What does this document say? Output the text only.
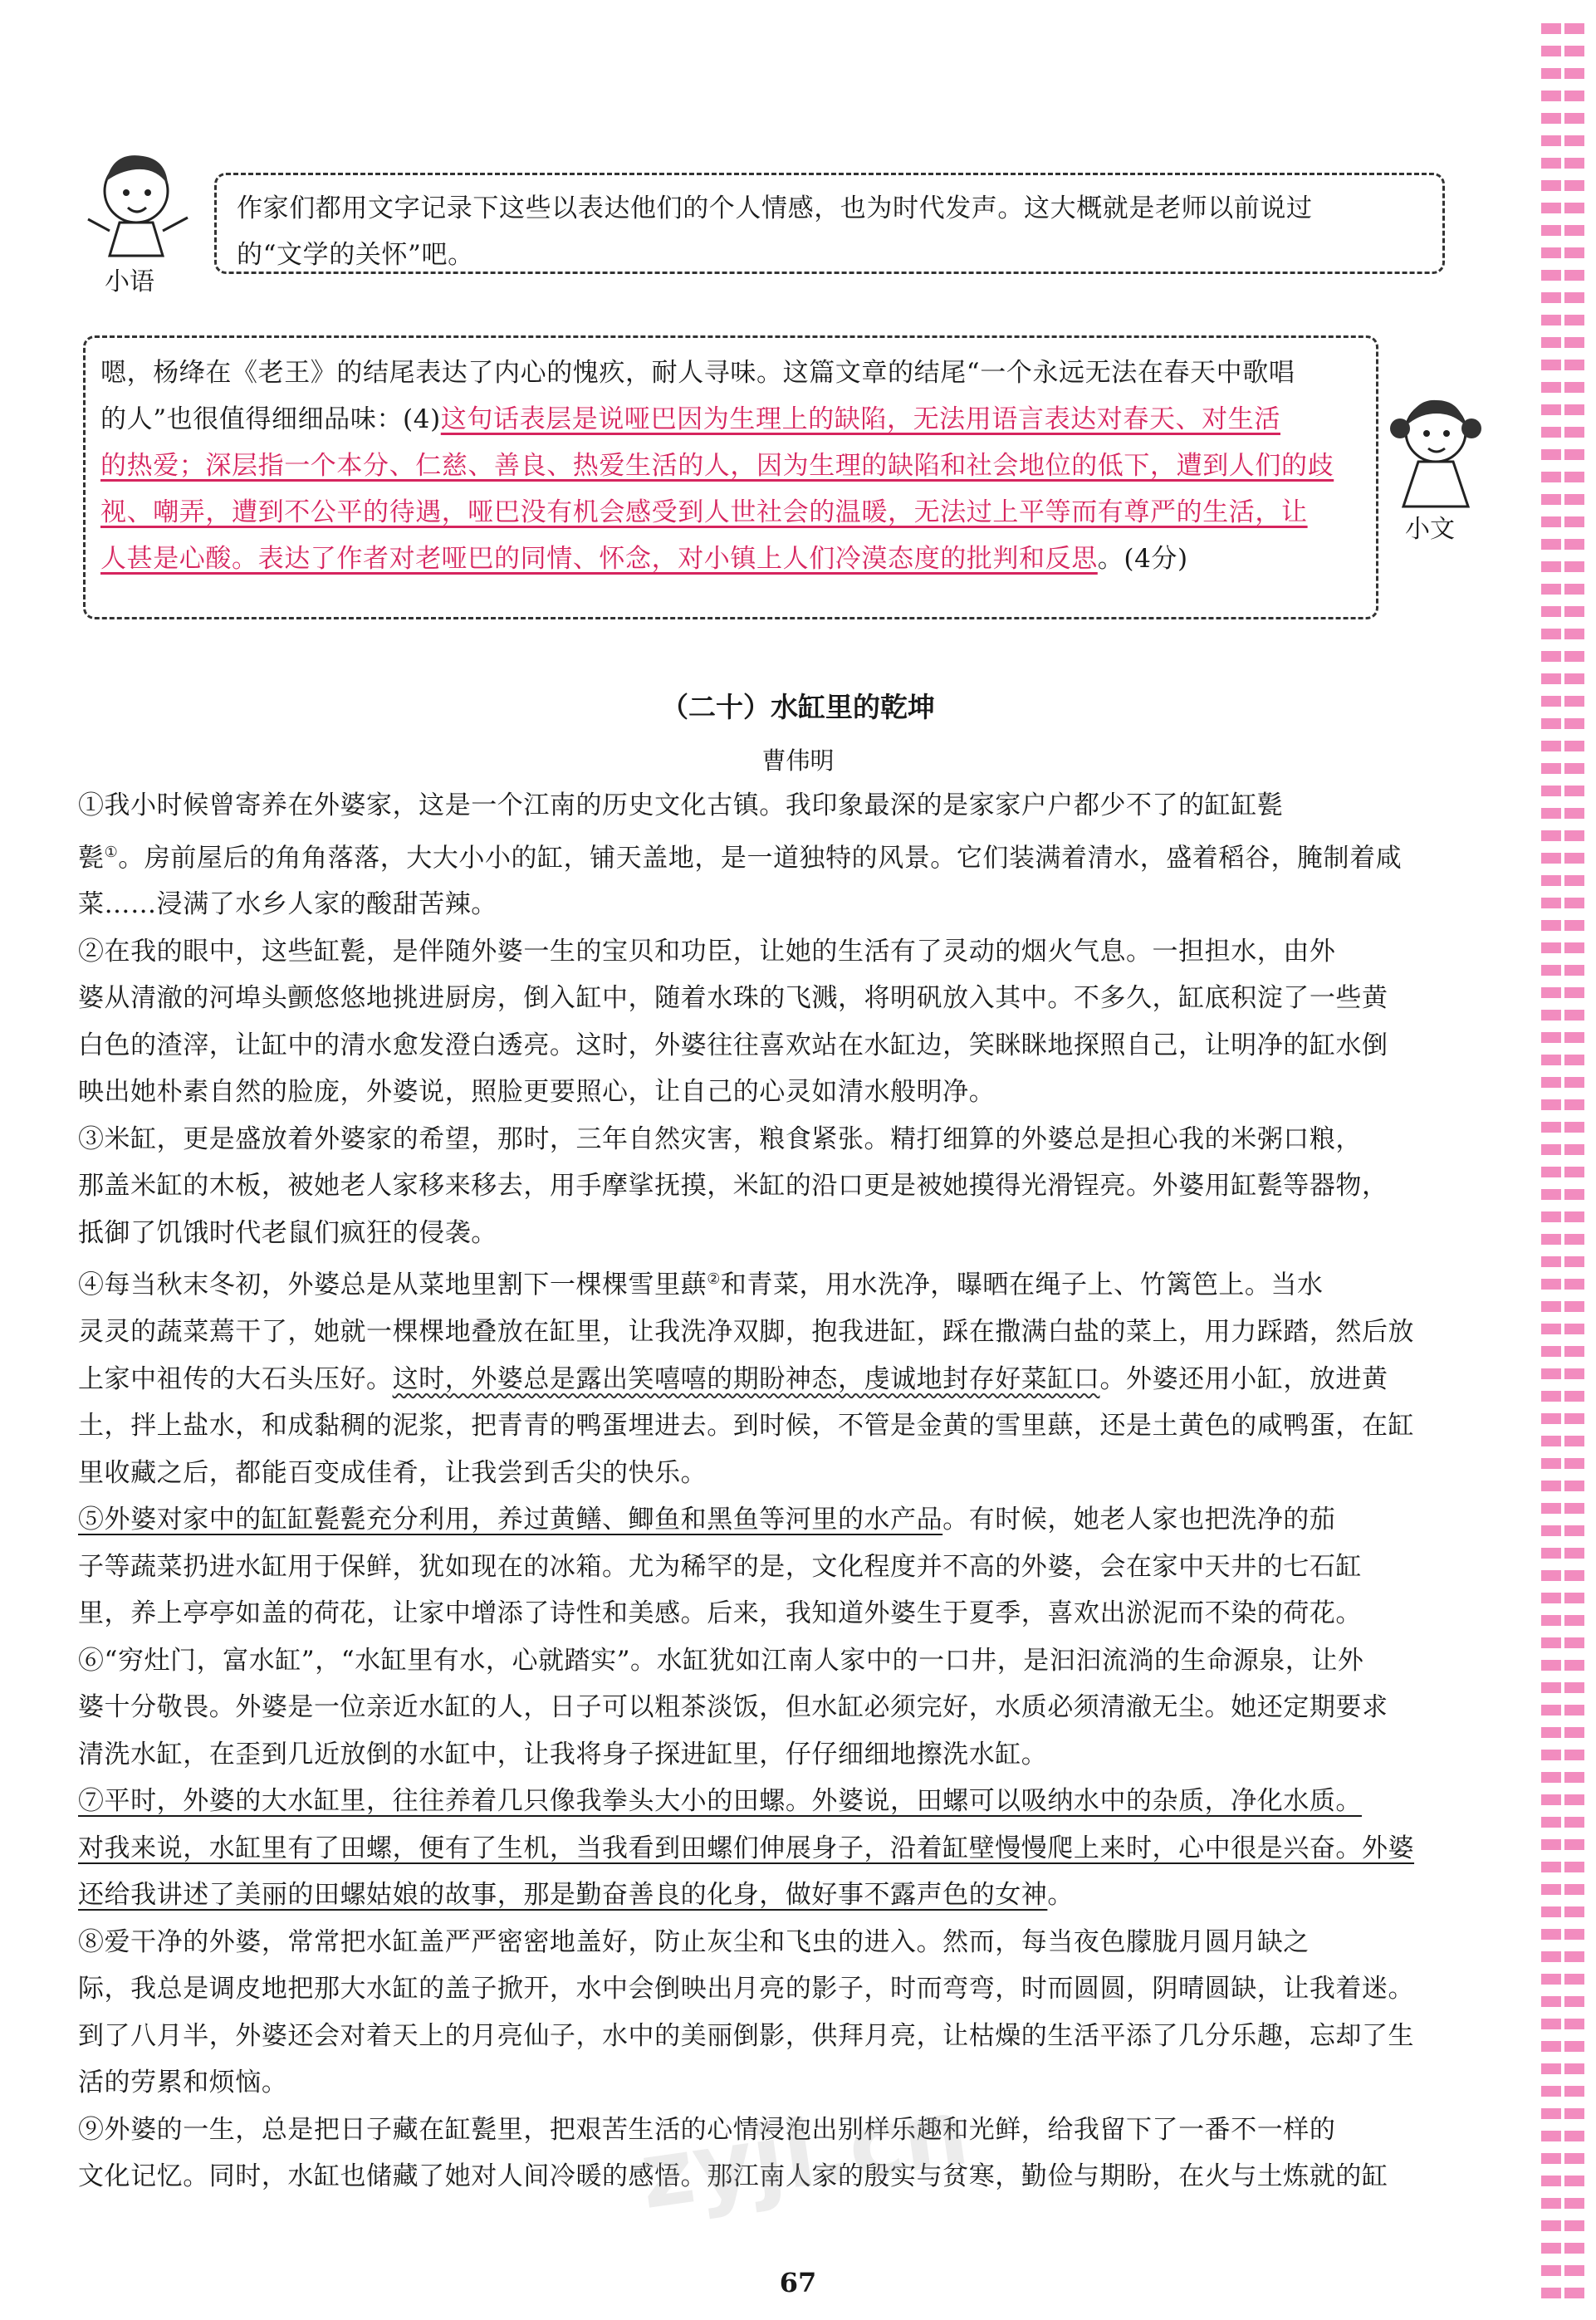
小语
作家们都用文字记录下这些以表达他们的个人情感，也为时代发声。这大概就是老师以前说过
的“文学的关怀”吧。
嗯，杨绛在《老王》的结尾表达了内心的愧疚，耐人寻味。这篇文章的结尾“一个永远无法在春天中歌唱
的人”也很值得细细品味：(4)这句话表层是说哑巴因为生理上的缺陷，无法用语言表达对春天、对生活
的热爱；深层指一个本分、仁慈、善良、热爱生活的人，因为生理的缺陷和社会地位的低下，遭到人们的歧
视、嘲弄，遭到不公平的待遇，哑巴没有机会感受到人世社会的温暖，无法过上平等而有尊严的生活，让
人甚是心酸。表达了作者对老哑巴的同情、怀念，对小镇上人们冷漠态度的批判和反思。(4分)
小文
（二十）水缸里的乾坤
曹伟明

①我小时候曾寄养在外婆家，这是一个江南的历史文化古镇。我印象最深的是家家户户都少不了的缸缸甏
甏①。房前屋后的角角落落，大大小小的缸，铺天盖地，是一道独特的风景。它们装满着清水，盛着稻谷，腌制着咸
菜……浸满了水乡人家的酸甜苦辣。

②在我的眼中，这些缸甏，是伴随外婆一生的宝贝和功臣，让她的生活有了灵动的烟火气息。一担担水，由外
婆从清澈的河埠头颤悠悠地挑进厨房，倒入缸中，随着水珠的飞溅，将明矾放入其中。不多久，缸底积淀了一些黄
白色的渣滓，让缸中的清水愈发澄白透亮。这时，外婆往往喜欢站在水缸边，笑眯眯地探照自己，让明净的缸水倒
映出她朴素自然的脸庞，外婆说，照脸更要照心，让自己的心灵如清水般明净。

③米缸，更是盛放着外婆家的希望，那时，三年自然灾害，粮食紧张。精打细算的外婆总是担心我的米粥口粮，
那盖米缸的木板，被她老人家移来移去，用手摩挲抚摸，米缸的沿口更是被她摸得光滑锃亮。外婆用缸甏等器物，
抵御了饥饿时代老鼠们疯狂的侵袭。

④每当秋末冬初，外婆总是从菜地里割下一棵棵雪里蕻②和青菜，用水洗净，曝晒在绳子上、竹篱笆上。当水
灵灵的蔬菜蔫干了，她就一棵棵地叠放在缸里，让我洗净双脚，抱我进缸，踩在撒满白盐的菜上，用力踩踏，然后放
上家中祖传的大石头压好。这时，外婆总是露出笑嘻嘻的期盼神态，虔诚地封存好菜缸口。外婆还用小缸，放进黄
土，拌上盐水，和成黏稠的泥浆，把青青的鸭蛋埋进去。到时候，不管是金黄的雪里蕻，还是土黄色的咸鸭蛋，在缸
里收藏之后，都能百变成佳肴，让我尝到舌尖的快乐。

⑤外婆对家中的缸缸甏甏充分利用，养过黄鳝、鲫鱼和黑鱼等河里的水产品。有时候，她老人家也把洗净的茄
子等蔬菜扔进水缸用于保鲜，犹如现在的冰箱。尤为稀罕的是，文化程度并不高的外婆，会在家中天井的七石缸
里，养上亭亭如盖的荷花，让家中增添了诗性和美感。后来，我知道外婆生于夏季，喜欢出淤泥而不染的荷花。

⑥“穷灶门，富水缸”，“水缸里有水，心就踏实”。水缸犹如江南人家中的一口井，是汩汩流淌的生命源泉，让外
婆十分敬畏。外婆是一位亲近水缸的人，日子可以粗茶淡饭，但水缸必须完好，水质必须清澈无尘。她还定期要求
清洗水缸，在歪到几近放倒的水缸中，让我将身子探进缸里，仔仔细细地擦洗水缸。

⑦平时，外婆的大水缸里，往往养着几只像我拳头大小的田螺。外婆说，田螺可以吸纳水中的杂质，净化水质。
对我来说，水缸里有了田螺，便有了生机，当我看到田螺们伸展身子，沿着缸壁慢慢爬上来时，心中很是兴奋。外婆
还给我讲述了美丽的田螺姑娘的故事，那是勤奋善良的化身，做好事不露声色的女神。

⑧爱干净的外婆，常常把水缸盖严严密密地盖好，防止灰尘和飞虫的进入。然而，每当夜色朦胧月圆月缺之
际，我总是调皮地把那大水缸的盖子掀开，水中会倒映出月亮的影子，时而弯弯，时而圆圆，阴晴圆缺，让我着迷。
到了八月半，外婆还会对着天上的月亮仙子，水中的美丽倒影，供拜月亮，让枯燥的生活平添了几分乐趣，忘却了生
活的劳累和烦恼。

⑨外婆的一生，总是把日子藏在缸甏里，把艰苦生活的心情浸泡出别样乐趣和光鲜，给我留下了一番不一样的
文化记忆。同时，水缸也储藏了她对人间冷暖的感悟。那江南人家的殷实与贫寒，勤俭与期盼，在火与土炼就的缸

zyjl.cn
67
